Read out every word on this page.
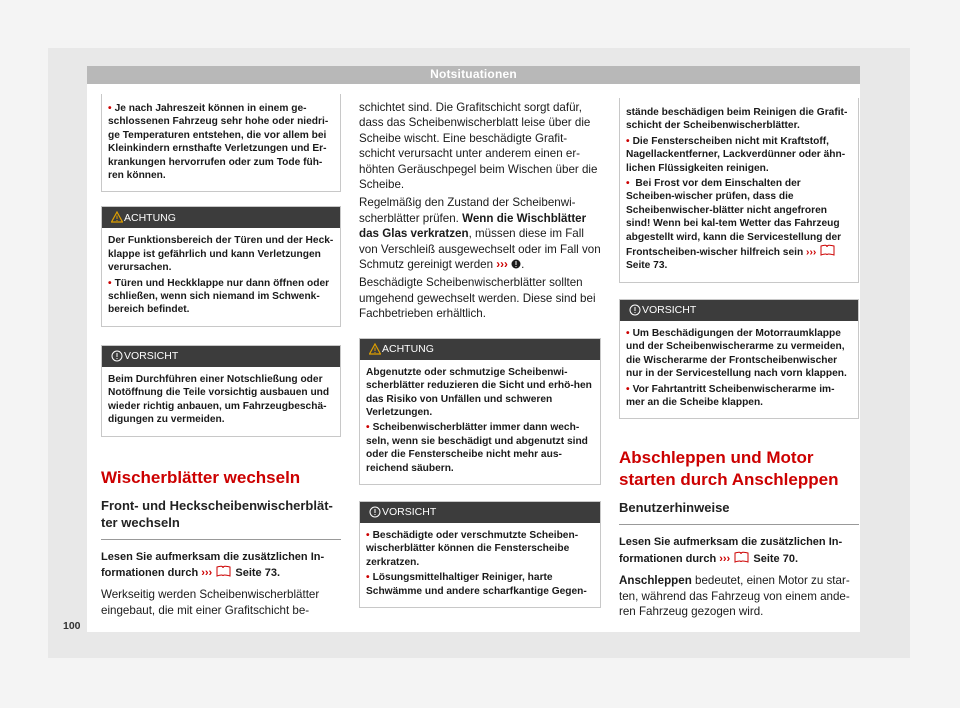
Notsituationen

• Je nach Jahreszeit können in einem ge-schlossenen Fahrzeug sehr hohe oder niedri-ge Temperaturen entstehen, die vor allem bei Kleinkindern ernsthafte Verletzungen und Er-krankungen hervorrufen oder zum Tode füh-ren können.

ACHTUNG

Der Funktionsbereich der Türen und der Heck-klappe ist gefährlich und kann Verletzungen verursachen.

• Türen und Heckklappe nur dann öffnen oder schließen, wenn sich niemand im Schwenk-bereich befindet.

VORSICHT

Beim Durchführen einer Notschließung oder Notöffnung die Teile vorsichtig ausbauen und wieder richtig anbauen, um Fahrzeugbeschä-digungen zu vermeiden.

Wischerblätter wechseln
Front- und Heckscheibenwischerblät-ter wechseln

Lesen Sie aufmerksam die zusätzlichen In-formationen durch ››› Seite 73.

Werkseitig werden Scheibenwischerblätter eingebaut, die mit einer Grafitschicht be-

schichtet sind. Die Grafitschicht sorgt dafür, dass das Scheibenwischerblatt leise über die Scheibe wischt. Eine beschädigte Grafit-schicht verursacht unter anderem einen er-höhten Geräuschpegel beim Wischen über die Scheibe.

Regelmäßig den Zustand der Scheibenwi-scherblätter prüfen. Wenn die Wischblätter das Glas verkratzen, müssen diese im Fall von Verschleiß ausgewechselt oder im Fall von Schmutz gereinigt werden ››› .

Beschädigte Scheibenwischerblätter sollten umgehend gewechselt werden. Diese sind bei Fachbetrieben erhältlich.

ACHTUNG

Abgenutzte oder schmutzige Scheibenwi-scherblätter reduzieren die Sicht und erhö-hen das Risiko von Unfällen und schweren Verletzungen.

• Scheibenwischerblätter immer dann wech-seln, wenn sie beschädigt und abgenutzt sind oder die Fensterscheibe nicht mehr aus-reichend säubern.

VORSICHT

• Beschädigte oder verschmutzte Scheiben-wischerblätter können die Fensterscheibe zerkratzen.

• Lösungsmittelhaltiger Reiniger, harte Schwämme und andere scharfkantige Gegen-

stände beschädigen beim Reinigen die Grafit-schicht der Scheibenwischerblätter.

• Die Fensterscheiben nicht mit Kraftstoff, Nagellackentferner, Lackverdünner oder ähn-lichen Flüssigkeiten reinigen.

• Bei Frost vor dem Einschalten der Scheiben-wischer prüfen, dass die Scheibenwischer-blätter nicht angefroren sind! Wenn bei kal-tem Wetter das Fahrzeug abgestellt wird, kann die Servicestellung der Frontscheiben-wischer hilfreich sein ›››  Seite 73.

VORSICHT

• Um Beschädigungen der Motorraumklappe und der Scheibenwischerarme zu vermeiden, die Wischerarme der Frontscheibenwischer nur in der Servicestellung nach vorn klappen.

• Vor Fahrtantritt Scheibenwischerarme im-mer an die Scheibe klappen.

Abschleppen und Motor starten durch Anschleppen
Benutzerhinweise

Lesen Sie aufmerksam die zusätzlichen In-formationen durch ››› Seite 70.

Anschleppen bedeutet, einen Motor zu star-ten, während das Fahrzeug von einem ande-ren Fahrzeug gezogen wird.

100
